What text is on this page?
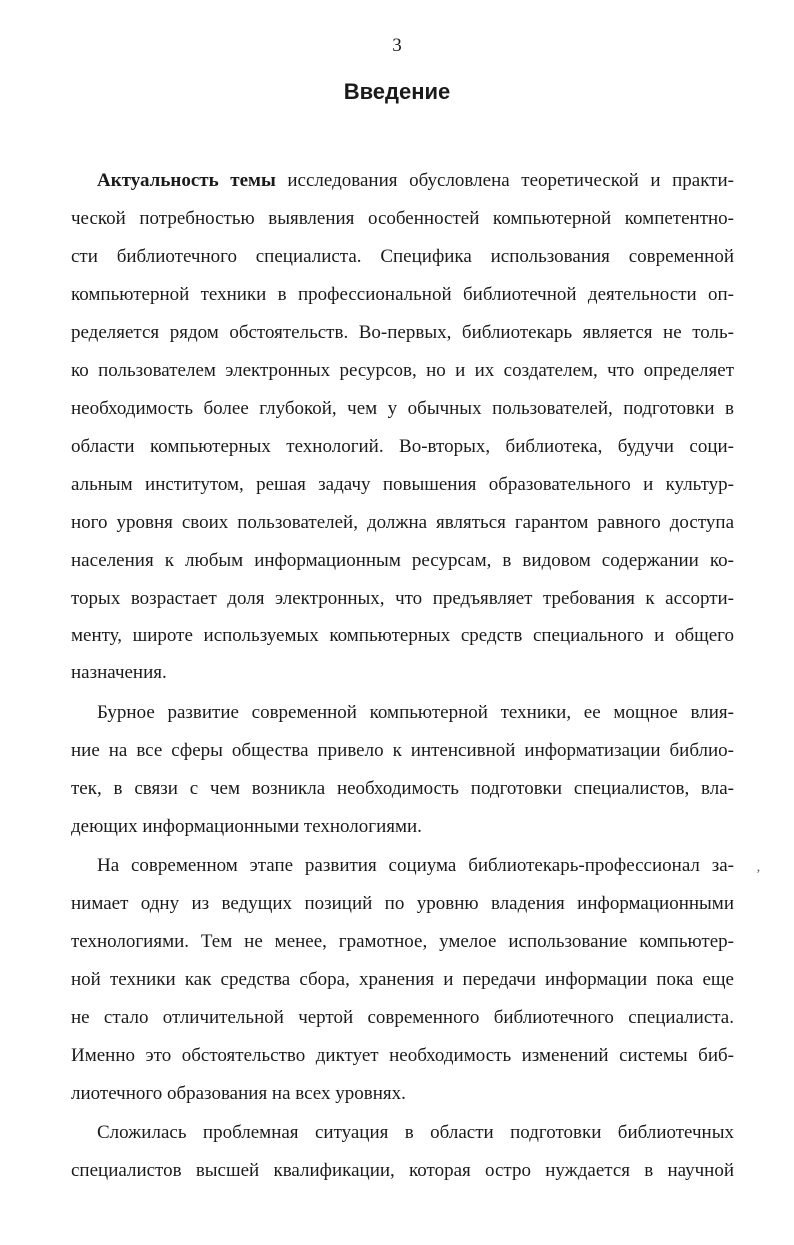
3
Введение
Актуальность темы исследования обусловлена теоретической и практи-
ческой потребностью выявления особенностей компьютерной компетентно-
сти библиотечного специалиста. Специфика использования современной
компьютерной техники в профессиональной библиотечной деятельности оп-
ределяется рядом обстоятельств. Во-первых, библиотекарь является не толь-
ко пользователем электронных ресурсов, но и их создателем, что определяет
необходимость более глубокой, чем у обычных пользователей, подготовки в
области компьютерных технологий. Во-вторых, библиотека, будучи соци-
альным институтом, решая задачу повышения образовательного и культур-
ного уровня своих пользователей, должна являться гарантом равного доступа
населения к любым информационным ресурсам, в видовом содержании ко-
торых возрастает доля электронных, что предъявляет требования к ассорти-
менту, широте используемых компьютерных средств специального и общего
назначения.
Бурное развитие современной компьютерной техники, ее мощное влия-
ние на все сферы общества привело к интенсивной информатизации библио-
тек, в связи с чем возникла необходимость подготовки специалистов, вла-
деющих информационными технологиями.
На современном этапе развития социума библиотекарь-профессионал за-
нимает одну из ведущих позиций по уровню владения информационными
технологиями. Тем не менее, грамотное, умелое использование компьютер-
ной техники как средства сбора, хранения и передачи информации пока еще
не стало отличительной чертой современного библиотечного специалиста.
Именно это обстоятельство диктует необходимость изменений системы биб-
лиотечного образования на всех уровнях.
Сложилась проблемная ситуация в области подготовки библиотечных
специалистов высшей квалификации, которая остро нуждается в научной
‚
